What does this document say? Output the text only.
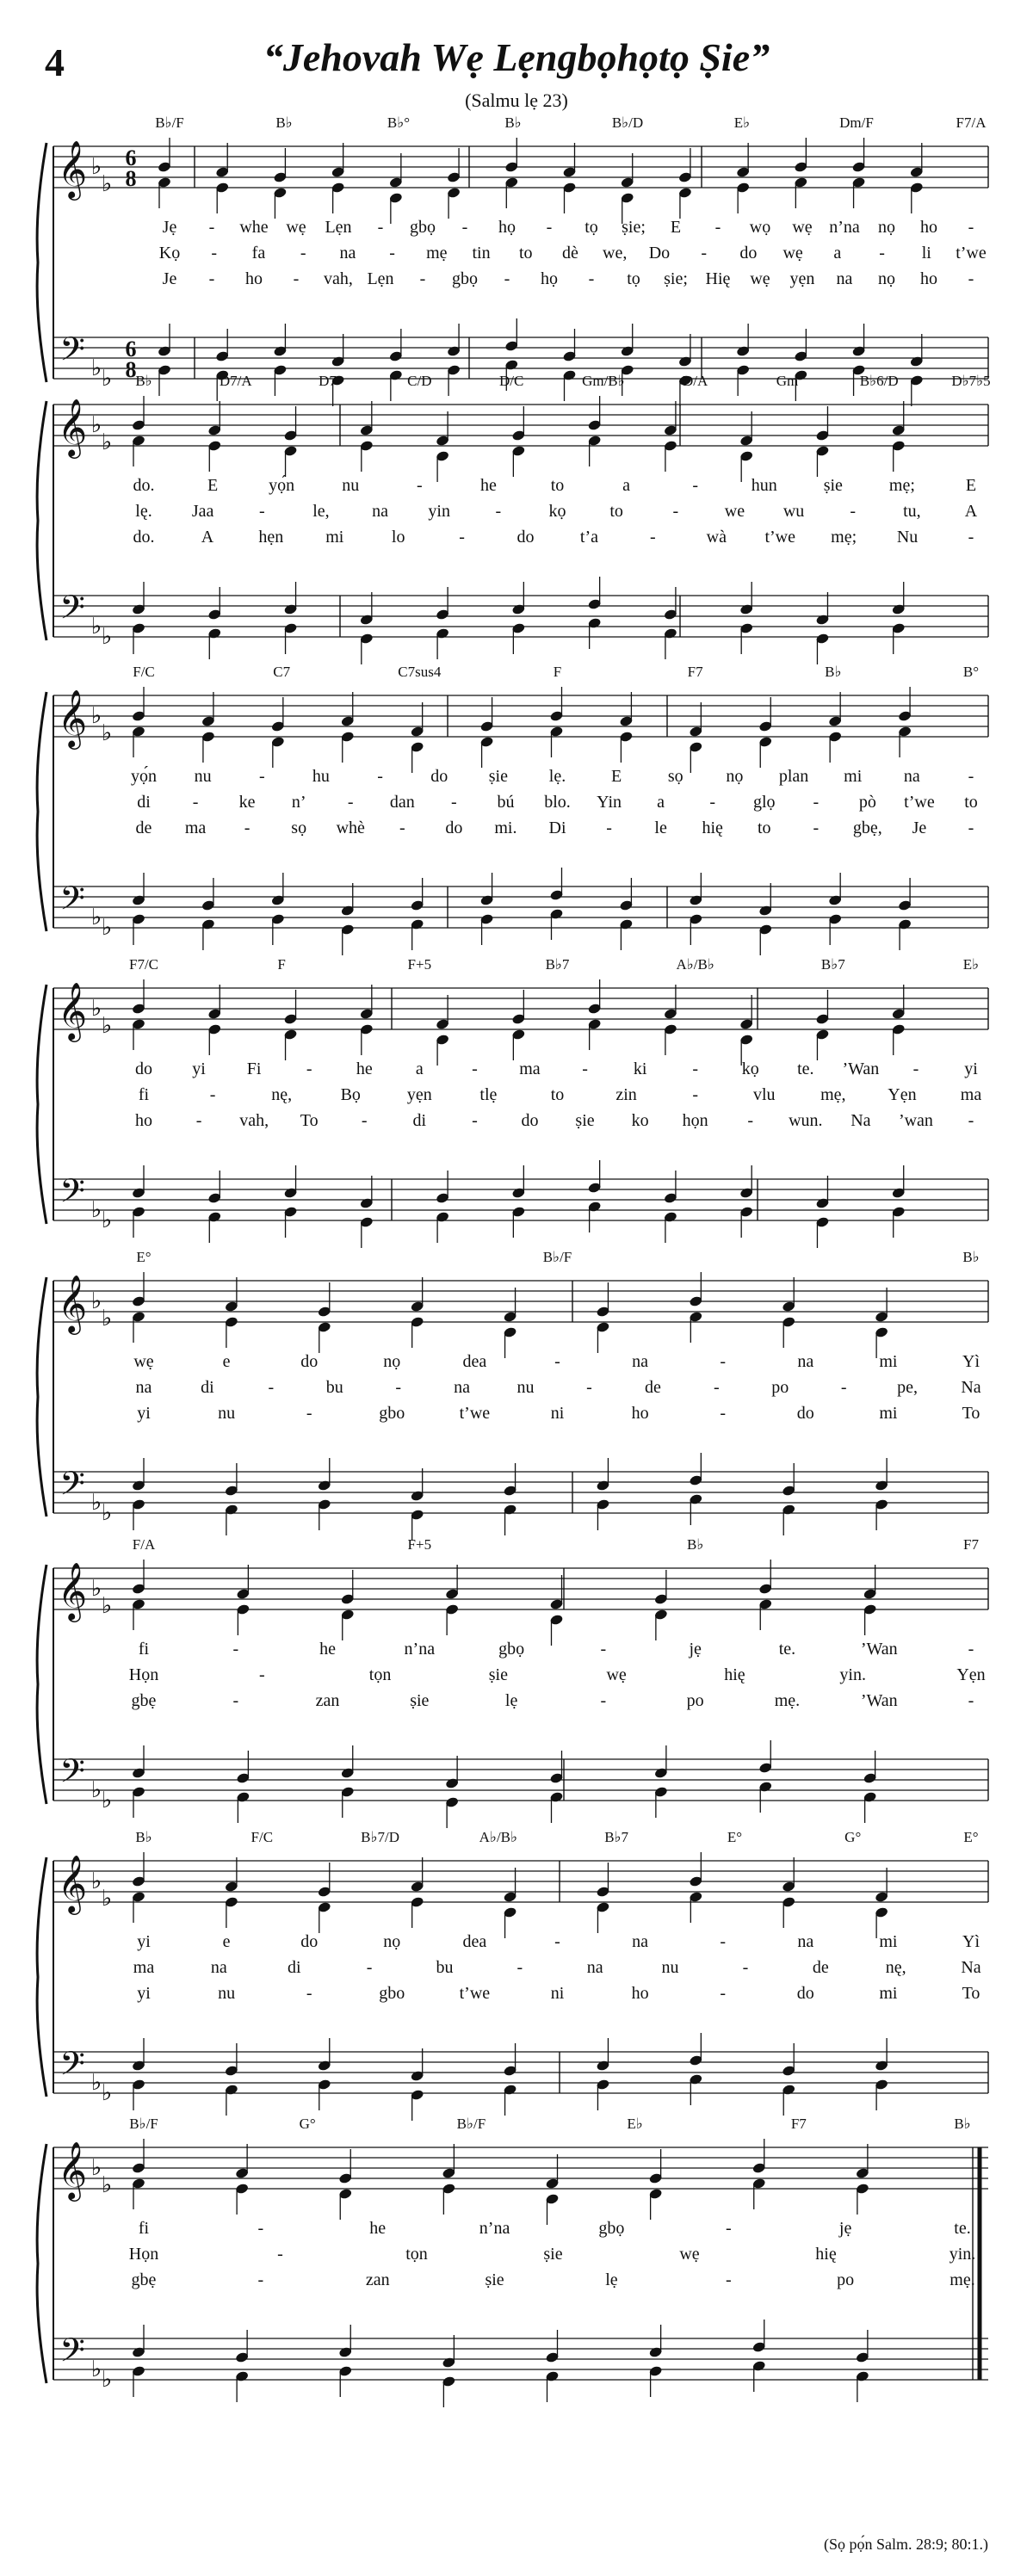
4	“Jehovah Wẹ Lẹngbọhọtọ Ṣie”
(Salmu lẹ 23)
𝄞
𝄢
♭
♭
♭ ♭
6
8
6
8
B♭/F	B♭	B♭°	B♭	B♭/D	E♭	Dm/F	F7/A
Jẹ - whe wẹ Lẹn - gbọ - họ - tọ ṣie; E - wọ wẹ n’na nọ ho -
Kọ - fa - na - mẹ tin to dè we, Do - do wẹ a - li t’we
Je - ho - vah, Lẹn - gbọ - họ - tọ ṣie; Hię wẹ yẹn na nọ ho -
𝄞
𝄢
♭
♭
♭ ♭
B♭	D7/A	D7	C/D	D/C	Gm/B♭	D/A	Gm	B♭6/D	D♭7♭5
do.	E	yọ́n	nu	-	he	to	a	-	hun	ṣie	mẹ;	E
lę. Jaa	-	le, na yin	-	kọ	to	-	we wu	-	tu,	A
do.	A	hẹn mi	lo	-	do	t’a	-	wà t’we mẹ; Nu	-
𝄞
𝄢
♭
♭
♭ ♭
F/C	C7	C7sus4	F	F7	B♭	B°
yọ́n nu	-	hu	-	do ṣie lẹ.	E	sọ nọ plan mi na	-
di - ke n’ - dan - bú blo. Yin a	- glọ - pò t’we to
de ma - sọ whè - do mi. Di - le hię to - gbẹ, Je -
𝄞
𝄢
♭
♭
♭ ♭
F7/C	F	F+5	B♭7	A♭/B♭	B♭7	E♭
do yi Fi	-	he	a	- ma -	ki	-	kọ te. ’Wan -	yi
fi	-	nę,	Bọ	yẹn	tlẹ	to	zin	-	vlu	mẹ, Yẹn	ma
ho	- vah, To	-	di	-	do ṣie ko họn - wun. Na ’wan -
𝄞
𝄢
♭
♭
♭ ♭
E°	B♭/F	B♭
wẹ	e	do	nọ	dea	-	na	-	na	mi	Yì
na	di	-	bu	-	na	nu	-	de	-	po	-	pe,	Na
yi	nu	-	gbo	t’we	ni	ho	-	do	mi	To
𝄞
𝄢
♭
♭
♭ ♭
F/A	F+5	B♭	F7
fi	-	he	n’na	gbọ	-	jẹ	te.	’Wan	-
Họn	-	tọn	ṣie	wẹ	hię	yin.	Yẹn
gbẹ	-	zan	ṣie	lẹ	-	po	mẹ.	’Wan	-
𝄞
𝄢
♭
♭
♭ ♭
B♭	F/C	B♭7/D	A♭/B♭	B♭7	E°	G°	E°
yi	e	do	nọ	dea	-	na	-	na	mi	Yì
ma	na	di	-	bu	-	na	nu	-	de	nę,	Na
yi	nu	-	gbo	t’we	ni	ho	-	do	mi	To
𝄞
𝄢
♭
♭
♭ ♭
B♭/F	G°	B♭/F	E♭	F7	B♭
fi	-	he	n’na	gbọ	-	jẹ	te.
Họn	-	tọn	ṣie	wẹ	hię	yin.
gbẹ	-	zan	ṣie	lẹ	-	po	mẹ.
(Sọ pọ́n Salm. 28:9; 80:1.)
